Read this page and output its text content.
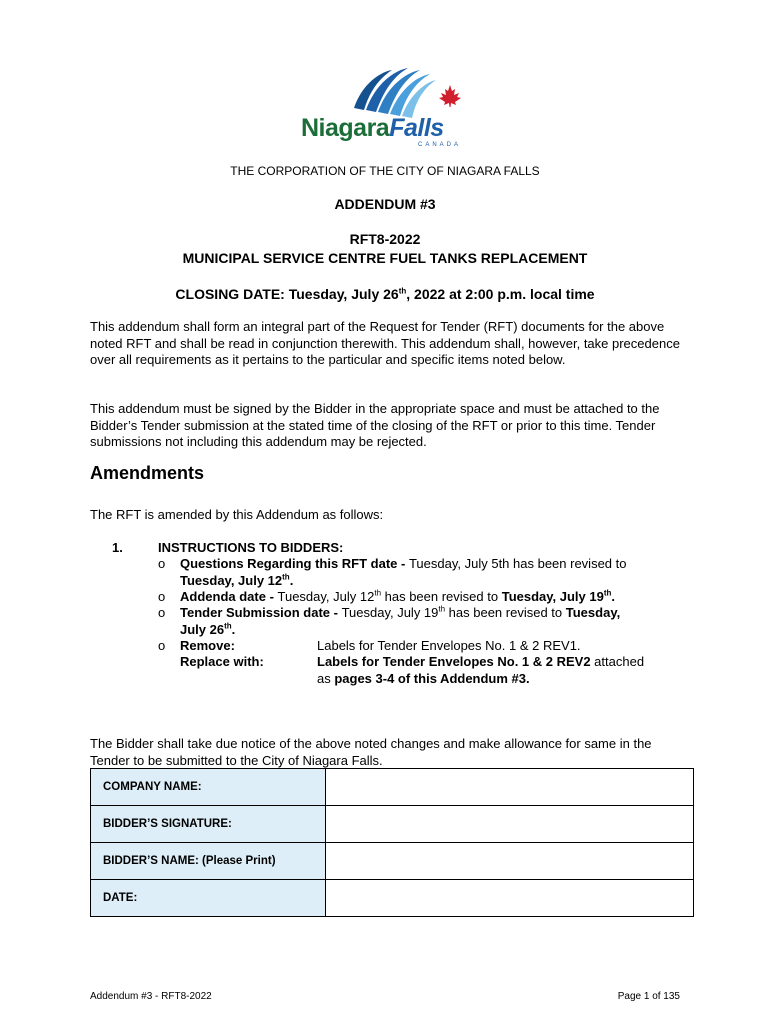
NiagaraFalls
CANADA
THE CORPORATION OF THE CITY OF NIAGARA FALLS
ADDENDUM #3
RFT8-2022
MUNICIPAL SERVICE CENTRE FUEL TANKS REPLACEMENT
CLOSING DATE: Tuesday, July 26th, 2022 at 2:00 p.m. local time
This addendum shall form an integral part of the Request for Tender (RFT) documents for the above noted RFT and shall be read in conjunction therewith. This addendum shall, however, take precedence over all requirements as it pertains to the particular and specific items noted below.
This addendum must be signed by the Bidder in the appropriate space and must be attached to the Bidder’s Tender submission at the stated time of the closing of the RFT or prior to this time. Tender submissions not including this addendum may be rejected.
Amendments
The RFT is amended by this Addendum as follows:
1.	INSTRUCTIONS TO BIDDERS:
o Questions Regarding this RFT date - Tuesday, July 5th has been revised to
Tuesday, July 12th.
o Addenda date - Tuesday, July 12th has been revised to Tuesday, July 19th.
o Tender Submission date - Tuesday, July 19th has been revised to Tuesday,
July 26th.
o Remove:	Labels for Tender Envelopes No. 1 & 2 REV1.
Replace with:	Labels for Tender Envelopes No. 1 & 2 REV2 attached
as pages 3-4 of this Addendum #3.
The Bidder shall take due notice of the above noted changes and make allowance for same in the Tender to be submitted to the City of Niagara Falls.
COMPANY NAME:	
BIDDER’S SIGNATURE:	
BIDDER’S NAME: (Please Print)	
DATE:	
Addendum #3 - RFT8-2022	Page 1 of 135
